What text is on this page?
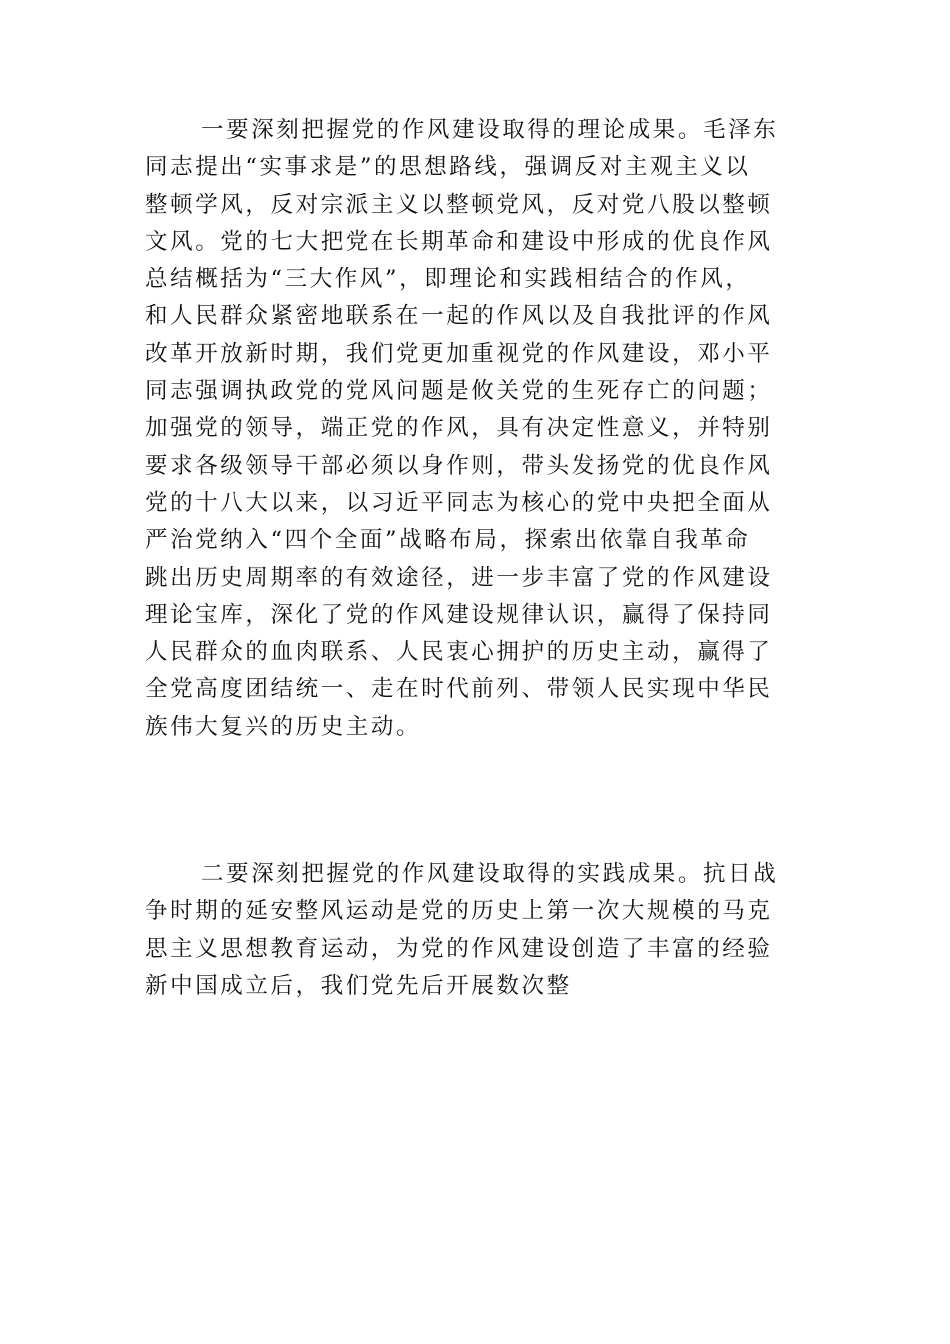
一要深刻把握党的作风建设取得的理论成果。毛泽东
同志提出“实事求是”的思想路线，强调反对主观主义以
整顿学风，反对宗派主义以整顿党风，反对党八股以整顿
文风。党的七大把党在长期革命和建设中形成的优良作风
总结概括为“三大作风”，即理论和实践相结合的作风，
和人民群众紧密地联系在一起的作风以及自我批评的作风
改革开放新时期，我们党更加重视党的作风建设，邓小平
同志强调执政党的党风问题是攸关党的生死存亡的问题；
加强党的领导，端正党的作风，具有决定性意义，并特别
要求各级领导干部必须以身作则，带头发扬党的优良作风
党的十八大以来，以习近平同志为核心的党中央把全面从
严治党纳入“四个全面”战略布局，探索出依靠自我革命
跳出历史周期率的有效途径，进一步丰富了党的作风建设
理论宝库，深化了党的作风建设规律认识，赢得了保持同
人民群众的血肉联系、人民衷心拥护的历史主动，赢得了
全党高度团结统一、走在时代前列、带领人民实现中华民
族伟大复兴的历史主动。
二要深刻把握党的作风建设取得的实践成果。抗日战
争时期的延安整风运动是党的历史上第一次大规模的马克
思主义思想教育运动，为党的作风建设创造了丰富的经验
新中国成立后，我们党先后开展数次整
